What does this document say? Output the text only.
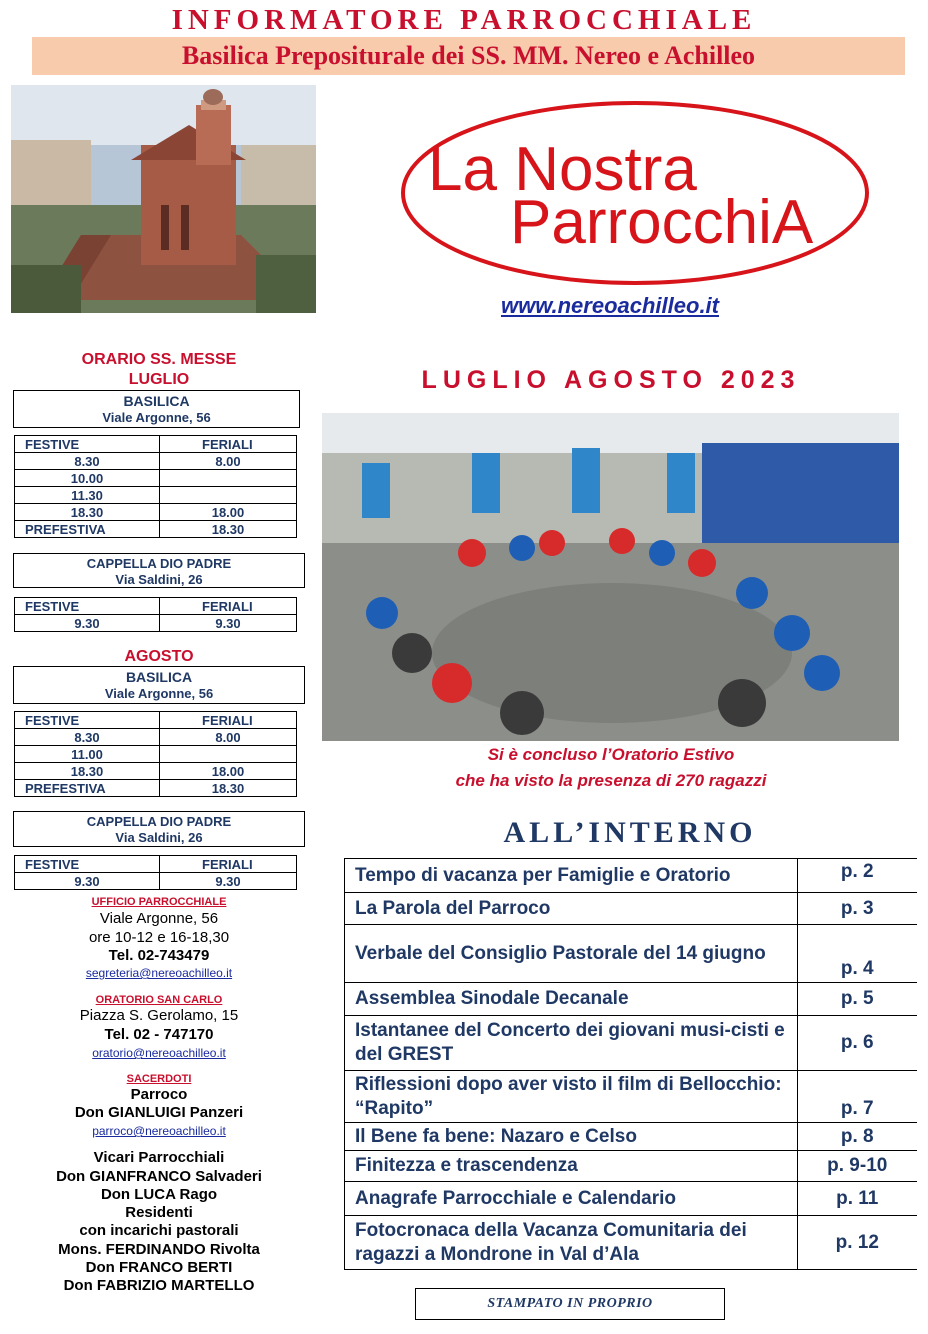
INFORMATORE PARROCCHIALE
Basilica Prepositurale dei SS. MM. Nereo e Achilleo
La Nostra
ParrocchiA
www.nereoachilleo.it
ORARIO SS. MESSE
LUGLIO
BASILICA
Viale Argonne, 56
FESTIVE	FERIALI
8.30	8.00
10.00	
11.30	
18.30	18.00
PREFESTIVA	18.30
CAPPELLA DIO PADRE
Via Saldini, 26
FESTIVE	FERIALI
9.30	9.30
AGOSTO
BASILICA
Viale Argonne, 56
FESTIVE	FERIALI
8.30	8.00
11.00	
18.30	18.00
PREFESTIVA	18.30
CAPPELLA DIO PADRE
Via Saldini, 26
FESTIVE	FERIALI
9.30	9.30
UFFICIO PARROCCHIALE
Viale Argonne, 56
ore 10-12 e 16-18,30
Tel. 02-743479
segreteria@nereoachilleo.it
ORATORIO SAN CARLO
Piazza S. Gerolamo, 15
Tel. 02 - 747170
oratorio@nereoachilleo.it
SACERDOTI
Parroco
Don GIANLUIGI Panzeri
parroco@nereoachilleo.it
Vicari Parrocchiali
Don GIANFRANCO Salvaderi
Don LUCA Rago
Residenti
con incarichi pastorali
Mons. FERDINANDO Rivolta
Don FRANCO BERTI
Don FABRIZIO MARTELLO
LUGLIO AGOSTO 2023
Si è concluso l’Oratorio Estivo
che ha visto la presenza di 270 ragazzi
ALL’INTERNO
Tempo di vacanza per Famiglie e Oratorio	p. 2
La Parola del Parroco	p. 3
Verbale del Consiglio Pastorale del 14 giugno	p. 4
Assemblea Sinodale Decanale	p. 5
Istantanee del Concerto dei giovani musi-cisti e del GREST	p. 6
Riflessioni dopo aver visto il film di Bellocchio: “Rapito”	p. 7
Il Bene fa bene: Nazaro e Celso	p. 8
Finitezza e trascendenza	p. 9-10
Anagrafe Parrocchiale e Calendario	p. 11
Fotocronaca della Vacanza Comunitaria dei ragazzi a Mondrone in Val d’Ala	p. 12
STAMPATO IN PROPRIO
